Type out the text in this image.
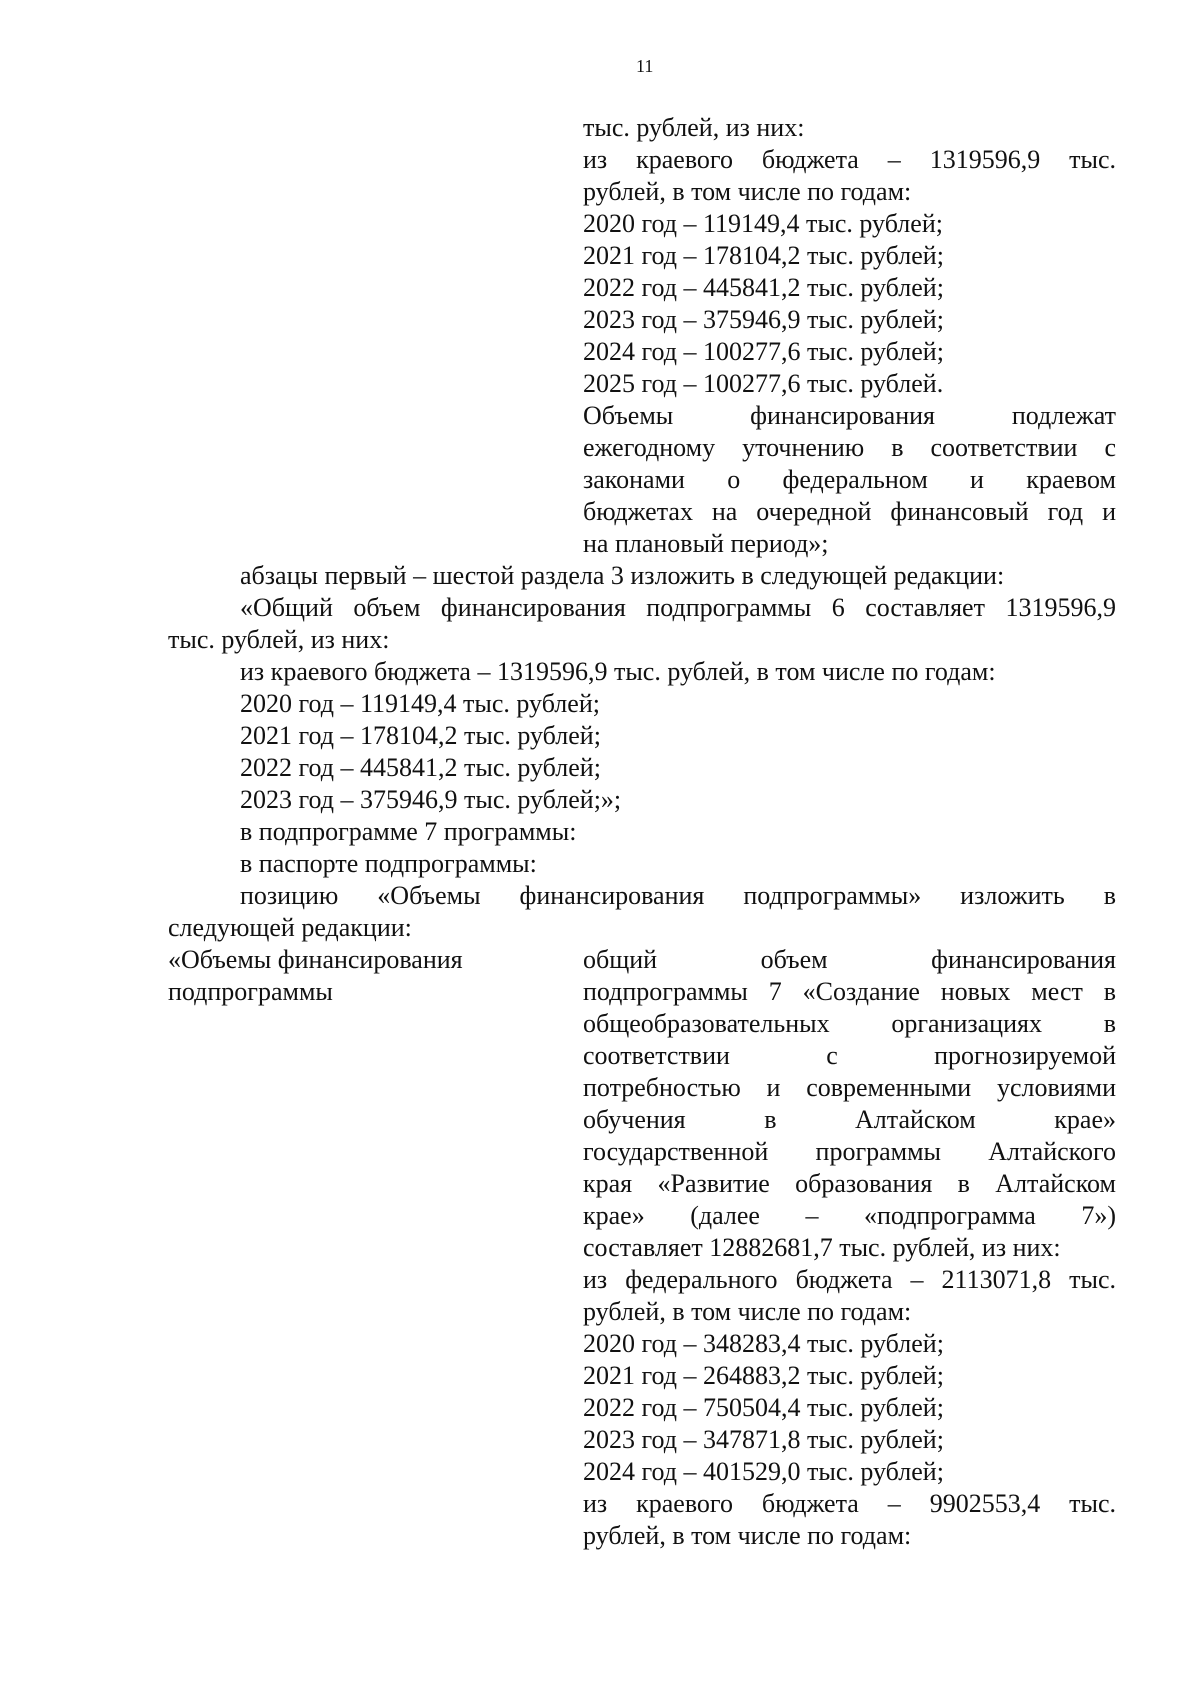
11
тыс. рублей, из них:
из краевого бюджета – 1319596,9 тыс.
рублей, в том числе по годам:
2020 год – 119149,4 тыс. рублей;
2021 год – 178104,2 тыс. рублей;
2022 год – 445841,2 тыс. рублей;
2023 год – 375946,9 тыс. рублей;
2024 год – 100277,6 тыс. рублей;
2025 год – 100277,6 тыс. рублей.
Объемы финансирования подлежат
ежегодному уточнению в соответствии с
законами о федеральном и краевом
бюджетах на очередной финансовый год и
на плановый период»;
абзацы первый – шестой раздела 3 изложить в следующей редакции:
«Общий объем финансирования подпрограммы 6 составляет 1319596,9
тыс. рублей, из них:
из краевого бюджета – 1319596,9 тыс. рублей, в том числе по годам:
2020 год – 119149,4 тыс. рублей;
2021 год – 178104,2 тыс. рублей;
2022 год – 445841,2 тыс. рублей;
2023 год – 375946,9 тыс. рублей;»;
в подпрограмме 7 программы:
в паспорте подпрограммы:
позицию «Объемы финансирования подпрограммы» изложить в
следующей редакции:
«Объемы финансирования
подпрограммы
общий объем финансирования
подпрограммы 7 «Создание новых мест в
общеобразовательных организациях в
соответствии с прогнозируемой
потребностью и современными условиями
обучения в Алтайском крае»
государственной программы Алтайского
края «Развитие образования в Алтайском
крае» (далее – «подпрограмма 7»)
составляет 12882681,7 тыс. рублей, из них:
из федерального бюджета – 2113071,8 тыс.
рублей, в том числе по годам:
2020 год – 348283,4 тыс. рублей;
2021 год – 264883,2 тыс. рублей;
2022 год – 750504,4 тыс. рублей;
2023 год – 347871,8 тыс. рублей;
2024 год – 401529,0 тыс. рублей;
из краевого бюджета – 9902553,4 тыс.
рублей, в том числе по годам:
